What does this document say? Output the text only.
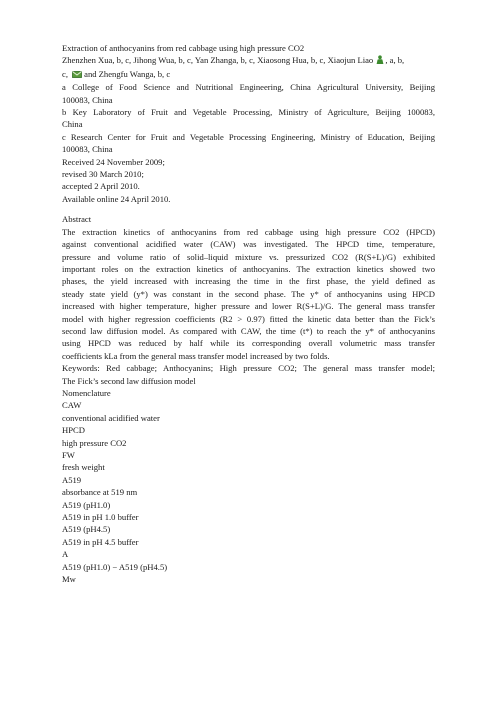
Extraction of anthocyanins from red cabbage using high pressure CO2
Zhenzhen Xua, b, c, Jihong Wua, b, c, Yan Zhanga, b, c, Xiaosong Hua, b, c, Xiaojun Liao , a, b,
c, and Zhengfu Wanga, b, c
a College of Food Science and Nutritional Engineering, China Agricultural University, Beijing
100083, China
b Key Laboratory of Fruit and Vegetable Processing, Ministry of Agriculture, Beijing 100083,
China
c Research Center for Fruit and Vegetable Processing Engineering, Ministry of Education, Beijing
100083, China
Received 24 November 2009;
revised 30 March 2010;
accepted 2 April 2010.
Available online 24 April 2010.
Abstract
The extraction kinetics of anthocyanins from red cabbage using high pressure CO2 (HPCD)
against conventional acidified water (CAW) was investigated. The HPCD time, temperature,
pressure and volume ratio of solid–liquid mixture vs. pressurized CO2 (R(S+L)/G) exhibited
important roles on the extraction kinetics of anthocyanins. The extraction kinetics showed two
phases, the yield increased with increasing the time in the first phase, the yield defined as
steady state yield (y*) was constant in the second phase. The y* of anthocyanins using HPCD
increased with higher temperature, higher pressure and lower R(S+L)/G. The general mass transfer
model with higher regression coefficients (R2 > 0.97) fitted the kinetic data better than the Fick’s
second law diffusion model. As compared with CAW, the time (t*) to reach the y* of anthocyanins
using HPCD was reduced by half while its corresponding overall volumetric mass transfer
coefficients kLa from the general mass transfer model increased by two folds.
Keywords: Red cabbage; Anthocyanins; High pressure CO2; The general mass transfer model;
The Fick’s second law diffusion model
Nomenclature
CAW
conventional acidified water
HPCD
high pressure CO2
FW
fresh weight
A519
absorbance at 519 nm
A519 (pH1.0)
A519 in pH 1.0 buffer
A519 (pH4.5)
A519 in pH 4.5 buffer
A
A519 (pH1.0) − A519 (pH4.5)
Mw
